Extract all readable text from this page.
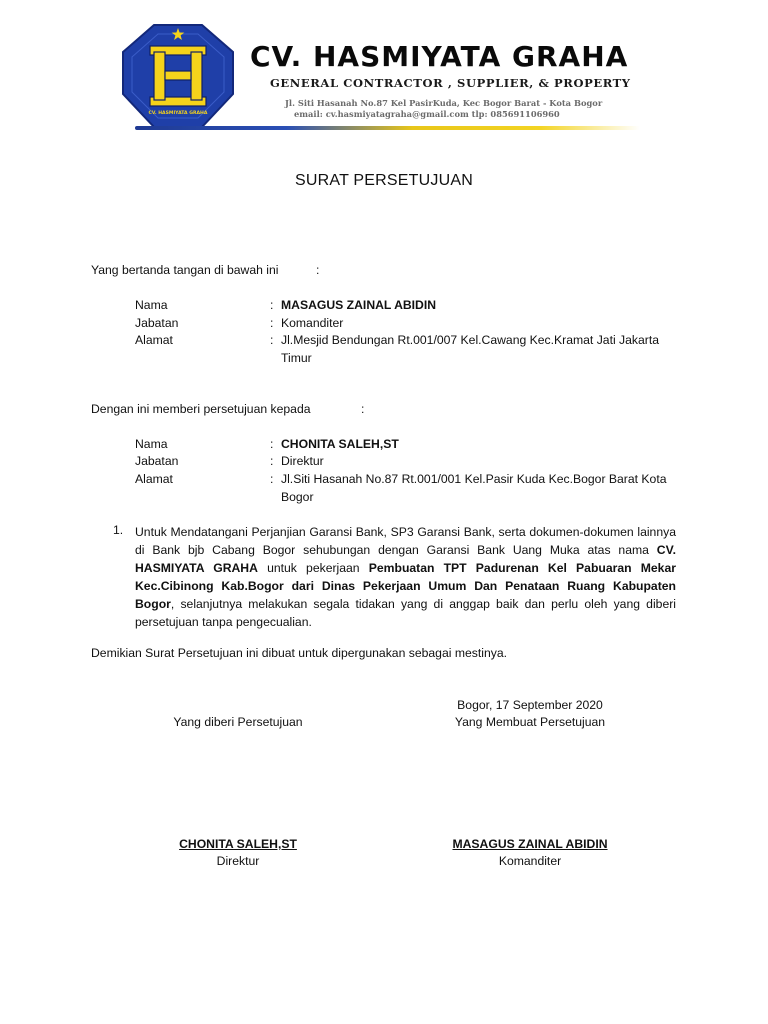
CV. HASMIYATA GRAHA
CV. HASMIYATA GRAHA
GENERAL CONTRACTOR , SUPPLIER, & PROPERTY
Jl. Siti Hasanah No.87 Kel PasirKuda, Kec Bogor Barat - Kota Bogor
email: cv.hasmiyatagraha@gmail.com tlp: 085691106960
SURAT PERSETUJUAN
Yang bertanda tangan di bawah ini	:
Nama	: MASAGUS ZAINAL ABIDIN
Jabatan	: Komanditer
Alamat	: Jl.Mesjid Bendungan Rt.001/007 Kel.Cawang Kec.Kramat Jati Jakarta Timur
Dengan ini memberi persetujuan kepada	:
Nama	: CHONITA SALEH,ST
Jabatan	: Direktur
Alamat	: Jl.Siti Hasanah No.87 Rt.001/001 Kel.Pasir Kuda Kec.Bogor Barat Kota Bogor
1. Untuk Mendatangani Perjanjian Garansi Bank, SP3 Garansi Bank, serta dokumen-dokumen lainnya di Bank bjb Cabang Bogor sehubungan dengan Garansi Bank Uang Muka atas nama CV. HASMIYATA GRAHA untuk pekerjaan Pembuatan TPT Padurenan Kel Pabuaran Mekar Kec.Cibinong Kab.Bogor dari Dinas Pekerjaan Umum Dan Penataan Ruang Kabupaten Bogor, selanjutnya melakukan segala tidakan yang di anggap baik dan perlu oleh yang diberi persetujuan tanpa pengecualian.
Demikian Surat Persetujuan ini dibuat untuk dipergunakan sebagai mestinya.
Bogor, 17 September 2020
Yang diberi Persetujuan	Yang Membuat Persetujuan
CHONITA SALEH,ST
Direktur
MASAGUS ZAINAL ABIDIN
Komanditer
